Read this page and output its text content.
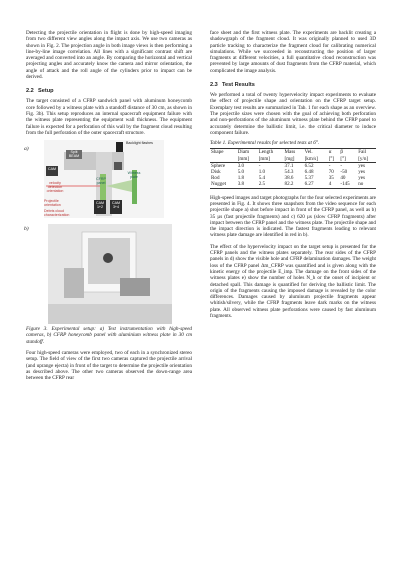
Detecting the projectile orientation in flight is done by high-speed imaging from two different view angles along the impact axis. We use two cameras as shown in Fig. 2. The projection angle in both image views is then performing a line-by-line image correlation. All lines with a significant contrast shift are averaged and converted into an angle. By comparing the horizontal and vertical projecting angles and accurately know the camera and mirror orientation, the angle of attack and the roll angle of the cylinders prior to impact can be derived.

2.2 Setup

The target consisted of a CFRP sandwich panel with aluminum honeycomb core followed by a witness plate with a standoff distance of 30 cm, as shown in Fig. 3b). This setup reproduces an internal spacecraft equipment failure with the witness plate representing the equipment wall thickness. The equipment failure is expected for a perforation of this wall by the fragment cloud resulting from the full perforation of the outer spacecraft structure.

a)
b)
Backlight flashes
Split BEAM
CAM
CFRP panel
Witness plate
velocity detection orientation
Projectile orientation
Debris cloud characterization
CAM 1+2
CAM 3+4

Figure 3. Experimental setup: a) Test instrumentation with high-speed cameras, b) CFRP honeycomb panel with aluminium witness plate in 30 cm standoff.

Four high-speed cameras were employed, two of each in a synchronized stereo setup. The field of view of the first two cameras captured the projectile arrival (and uprange ejecta) in front of the target to determine the projectile orientation as described above. The other two cameras observed the down-range area between the CFRP rear

face sheet and the first witness plate. The experiments are backlit creating a shadowgraph of the fragment cloud. It was originally planned to used 3D particle tracking to characterize the fragment cloud for calibrating numerical simulations. While we succeeded in reconstructing the position of larger fragments at different velocities, a full quantitative cloud reconstruction was prevented by large amounts of dust fragments from the CFRP material, which complicated the image analysis.

2.3 Test Results

We performed a total of twenty hypervelocity impact experiments to evaluate the effect of projectile shape and orientation on the CFRP target setup. Exemplary test results are summarized in Tab. 1 for each shape as an overview. The projectile sizes were chosen with the goal of achieving both perforation and non-perforations of the aluminum witness plate behind the CFRP panel to accurately determine the ballistic limit, i.e. the critical diameter to induce component failure.

Table 1. Experimental results for selected tests at 6°.

Shape	Diam	Length	Mass	Vel.	α	β	Fail
	[mm]	[mm]	[mg]	[km/s]	[°]	[°]	[y/n]
Sphere	3.0	-	37.1	6.52	-	-	yes
Disk	5.0	1.0	54.3	6.48	70	-50	yes
Rod	1.8	5.4	38.6	5.37	35	40	yes
Nugget	3.8	2.5	82.2	6.27	4	-145	no

High-speed images and target photographs for the four selected experiments are presented in Fig. 4. It shows three snapshots from the video sequence for each projectile shape a) shot before impact in front of the CFRP panel, as well as b) 35 µs (fast projectile fragments) and c) 620 µs (slow CFRP fragments) after impact between the CFRP panel and the witness plate. The projectile shape and the impact direction is indicated. The fastest fragments leading to relevant witness plate damage are identified in red in b).

The effect of the hypervelocity impact on the target setup is presented for the CFRP panels and the witness plates separately. The rear sides of the CFRP panels in d) show the visible hole and CFRP delamination damages. The weight loss of the CFRP panel Δm_CFRP was quantified and is given along with the kinetic energy of the projectile E_imp. The damage on the front sides of the witness plates e) show the number of holes N_h or the onset of incipient or detached spall. This damage is quantified for deriving the ballistic limit. The origin of the fragments causing the imposed damage is revealed by the color differences. Damages caused by aluminum projectile fragments appear whitish/silvery, while the CFRP fragments leave dark marks on the witness plate. All observed witness plate perforations were caused by fast aluminum fragments.
